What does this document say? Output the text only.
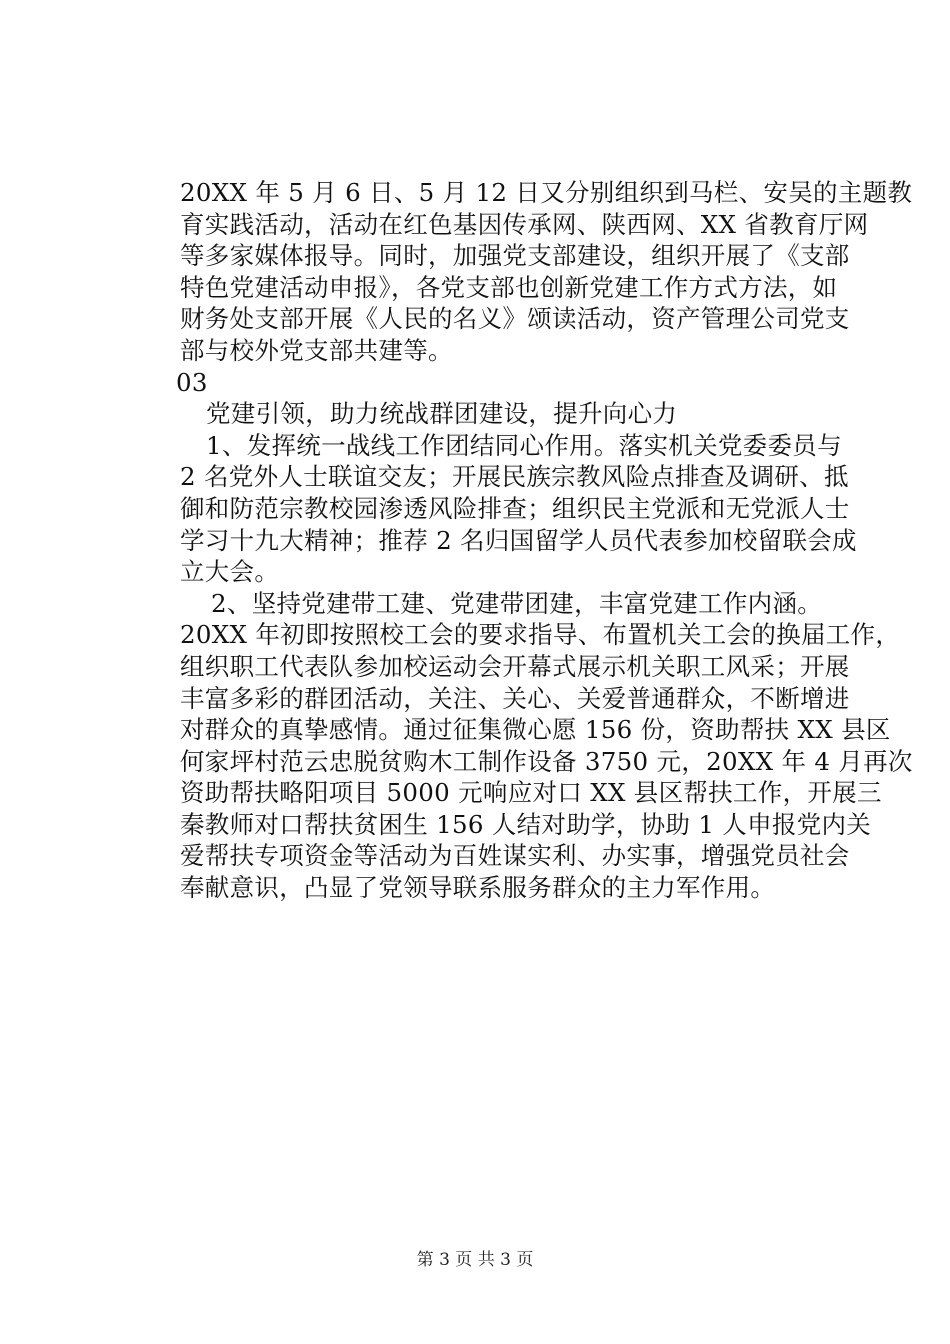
20XX 年 5 月 6 日、5 月 12 日又分别组织到马栏、安吴的主题教
育实践活动，活动在红色基因传承网、陕西网、XX 省教育厅网
等多家媒体报导。同时，加强党支部建设，组织开展了《支部
特色党建活动申报》，各党支部也创新党建工作方式方法，如
财务处支部开展《人民的名义》颂读活动，资产管理公司党支
部与校外党支部共建等。
03
党建引领，助力统战群团建设，提升向心力
1、发挥统一战线工作团结同心作用。落实机关党委委员与
2 名党外人士联谊交友；开展民族宗教风险点排查及调研、抵
御和防范宗教校园渗透风险排查；组织民主党派和无党派人士
学习十九大精神；推荐 2 名归国留学人员代表参加校留联会成
立大会。
2、坚持党建带工建、党建带团建，丰富党建工作内涵。
20XX 年初即按照校工会的要求指导、布置机关工会的换届工作，
组织职工代表队参加校运动会开幕式展示机关职工风采；开展
丰富多彩的群团活动，关注、关心、关爱普通群众，不断增进
对群众的真挚感情。通过征集微心愿 156 份，资助帮扶 XX 县区
何家坪村范云忠脱贫购木工制作设备 3750 元，20XX 年 4 月再次
资助帮扶略阳项目 5000 元响应对口 XX 县区帮扶工作，开展三
秦教师对口帮扶贫困生 156 人结对助学，协助 1 人申报党内关
爱帮扶专项资金等活动为百姓谋实利、办实事，增强党员社会
奉献意识，凸显了党领导联系服务群众的主力军作用。
第 3 页 共 3 页
